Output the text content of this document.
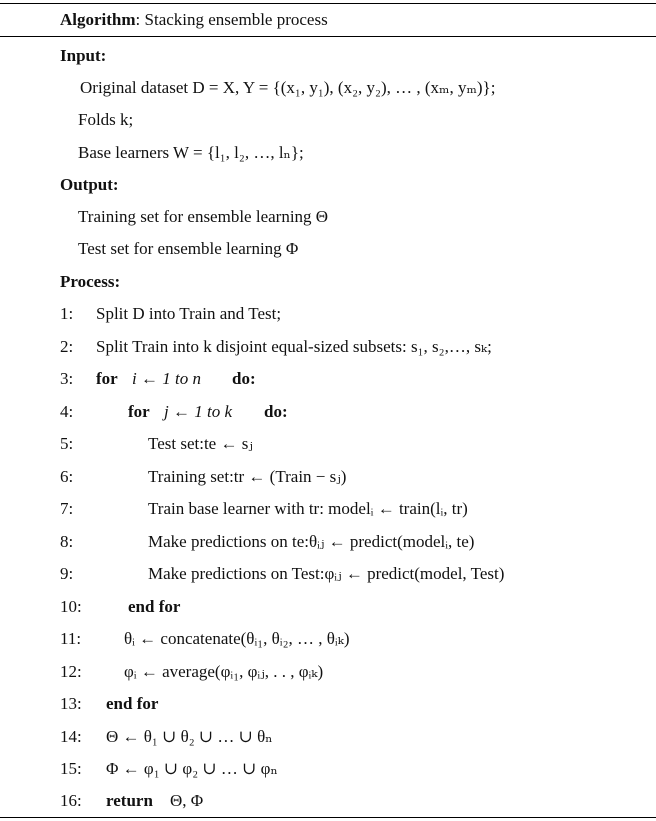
Algorithm: Stacking ensemble process
Input:
Original dataset D = X, Y = {(x₁, y₁), (x₂, y₂), … , (xₘ, yₘ)};
Folds k;
Base learners W = {l₁, l₂, …, lₙ};
Output:
Training set for ensemble learning Θ
Test set for ensemble learning Φ
Process:
1: Split D into Train and Test;
2: Split Train into k disjoint equal-sized subsets: s₁, s₂,…, sₖ;
3: for i ← 1 to n do:
4:	for j ← 1 to k do:
5:	Test set:te ← sⱼ
6:	Training set:tr ← (Train − sⱼ)
7:	Train base learner with tr: modelᵢ ← train(lᵢ, tr)
8:	Make predictions on te:θᵢⱼ ← predict(modelᵢ, te)
9:	Make predictions on Test:φᵢⱼ ← predict(model, Test)
10:	end for
11:	θᵢ ← concatenate(θᵢ₁, θᵢ₂, … , θᵢₖ)
12: φᵢ ← average(φᵢ₁, φᵢⱼ, . . , φᵢₖ)
13: end for
14: Θ ← θ₁ ∪ θ₂ ∪ … ∪ θₙ
15: Φ ← φ₁ ∪ φ₂ ∪ … ∪ φₙ
16: return Θ, Φ
